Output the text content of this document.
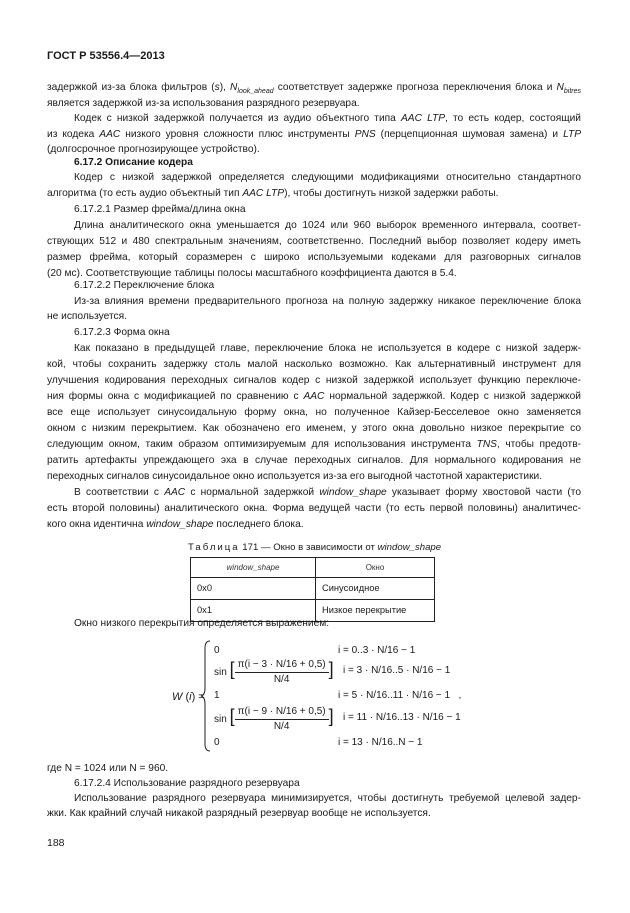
ГОСТ Р 53556.4—2013
задержкой из-за блока фильтров (s), $N_{look\_ahead}$ соответствует задержке прогноза переключения блока и $N_{bitres}$
является задержкой из-за использования разрядного резервуара.
Кодек с низкой задержкой получается из аудио объектного типа AAC LTP, то есть кодер, состоящий
из кодека AAC низкого уровня сложности плюс инструменты PNS (перцепционная шумовая замена) и LTP
(долгосрочное прогнозирующее устройство).
6.17.2 Описание кодера
Кодер с низкой задержкой определяется следующими модификациями относительно стандартного
алгоритма (то есть аудио объектный тип AAC LTP), чтобы достигнуть низкой задержки работы.
6.17.2.1 Размер фрейма/длина окна
Длина аналитического окна уменьшается до 1024 или 960 выборок временного интервала, соответ-
ствующих 512 и 480 спектральным значениям, соответственно. Последний выбор позволяет кодеру иметь
размер фрейма, который соразмерен с широко используемыми кодеками для разговорных сигналов
(20 мс). Соответствующие таблицы полосы масштабного коэффициента даются в 5.4.
6.17.2.2 Переключение блока
Из-за влияния времени предварительного прогноза на полную задержку никакое переключение блока
не используется.
6.17.2.3 Форма окна
Как показано в предыдущей главе, переключение блока не используется в кодере с низкой задерж-
кой, чтобы сохранить задержку столь малой насколько возможно. Как альтернативный инструмент для
улучшения кодирования переходных сигналов кодер с низкой задержкой использует функцию переключе-
ния формы окна с модификацией по сравнению с AAC нормальной задержкой. Кодер с низкой задержкой
все еще использует синусоидальную форму окна, но полученное Кайзер-Бесселевое окно заменяется
окном с низким перекрытием. Как обозначено его именем, у этого окна довольно низкое перекрытие со
следующим окном, таким образом оптимизируемым для использования инструмента TNS, чтобы предотв-
ратить артефакты упреждающего эха в случае переходных сигналов. Для нормального кодирования не
переходных сигналов синусоидальное окно используется из-за его выгодной частотной характеристики.
В соответствии с AAC с нормальной задержкой window_shape указывает форму хвостовой части (то
есть второй половины) аналитического окна. Форма ведущей части (то есть первой половины) аналитичес-
кого окна идентична window_shape последнего блока.
Таблица 171 — Окно в зависимости от window_shape
window_shape	Окно
0x0	Синусоидное
0x1	Низкое перекрытие
Окно низкого перекрытия определяется выражением:
W (i) =
0
sin [ $\frac{\pi(i - 3 \cdot N/16 + 0,5)}{N/4}$ ]
1
sin [ $\frac{\pi(i - 9 \cdot N/16 + 0,5)}{N/4}$ ]
0
i = 0..3 · N/16 − 1
i = 3 · N/16..5 · N/16 − 1
i = 5 · N/16..11 · N/16 − 1 ,
i = 11 · N/16..13 · N/16 − 1
i = 13 · N/16..N − 1
где N = 1024 или N = 960.
6.17.2.4 Использование разрядного резервуара
Использование разрядного резервуара минимизируется, чтобы достигнуть требуемой целевой задер-
жки. Как крайний случай никакой разрядный резервуар вообще не используется.
188
